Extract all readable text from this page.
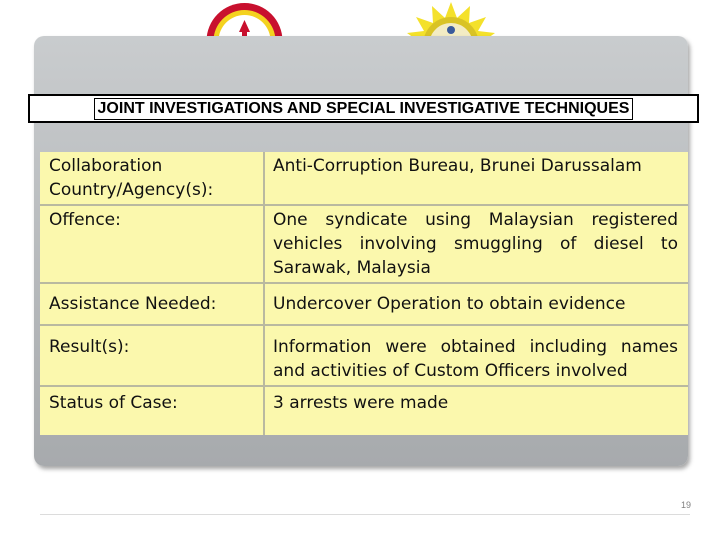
JOINT INVESTIGATIONS AND SPECIAL INVESTIGATIVE TECHNIQUES
Collaboration Country/Agency(s):	Anti-Corruption Bureau, Brunei Darussalam
Offence:	One syndicate using Malaysian registered vehicles involving smuggling of diesel to Sarawak, Malaysia
Assistance Needed:	Undercover Operation to obtain evidence
Result(s):	Information were obtained including names and activities of Custom Officers involved
Status of Case:	3 arrests were made
19
